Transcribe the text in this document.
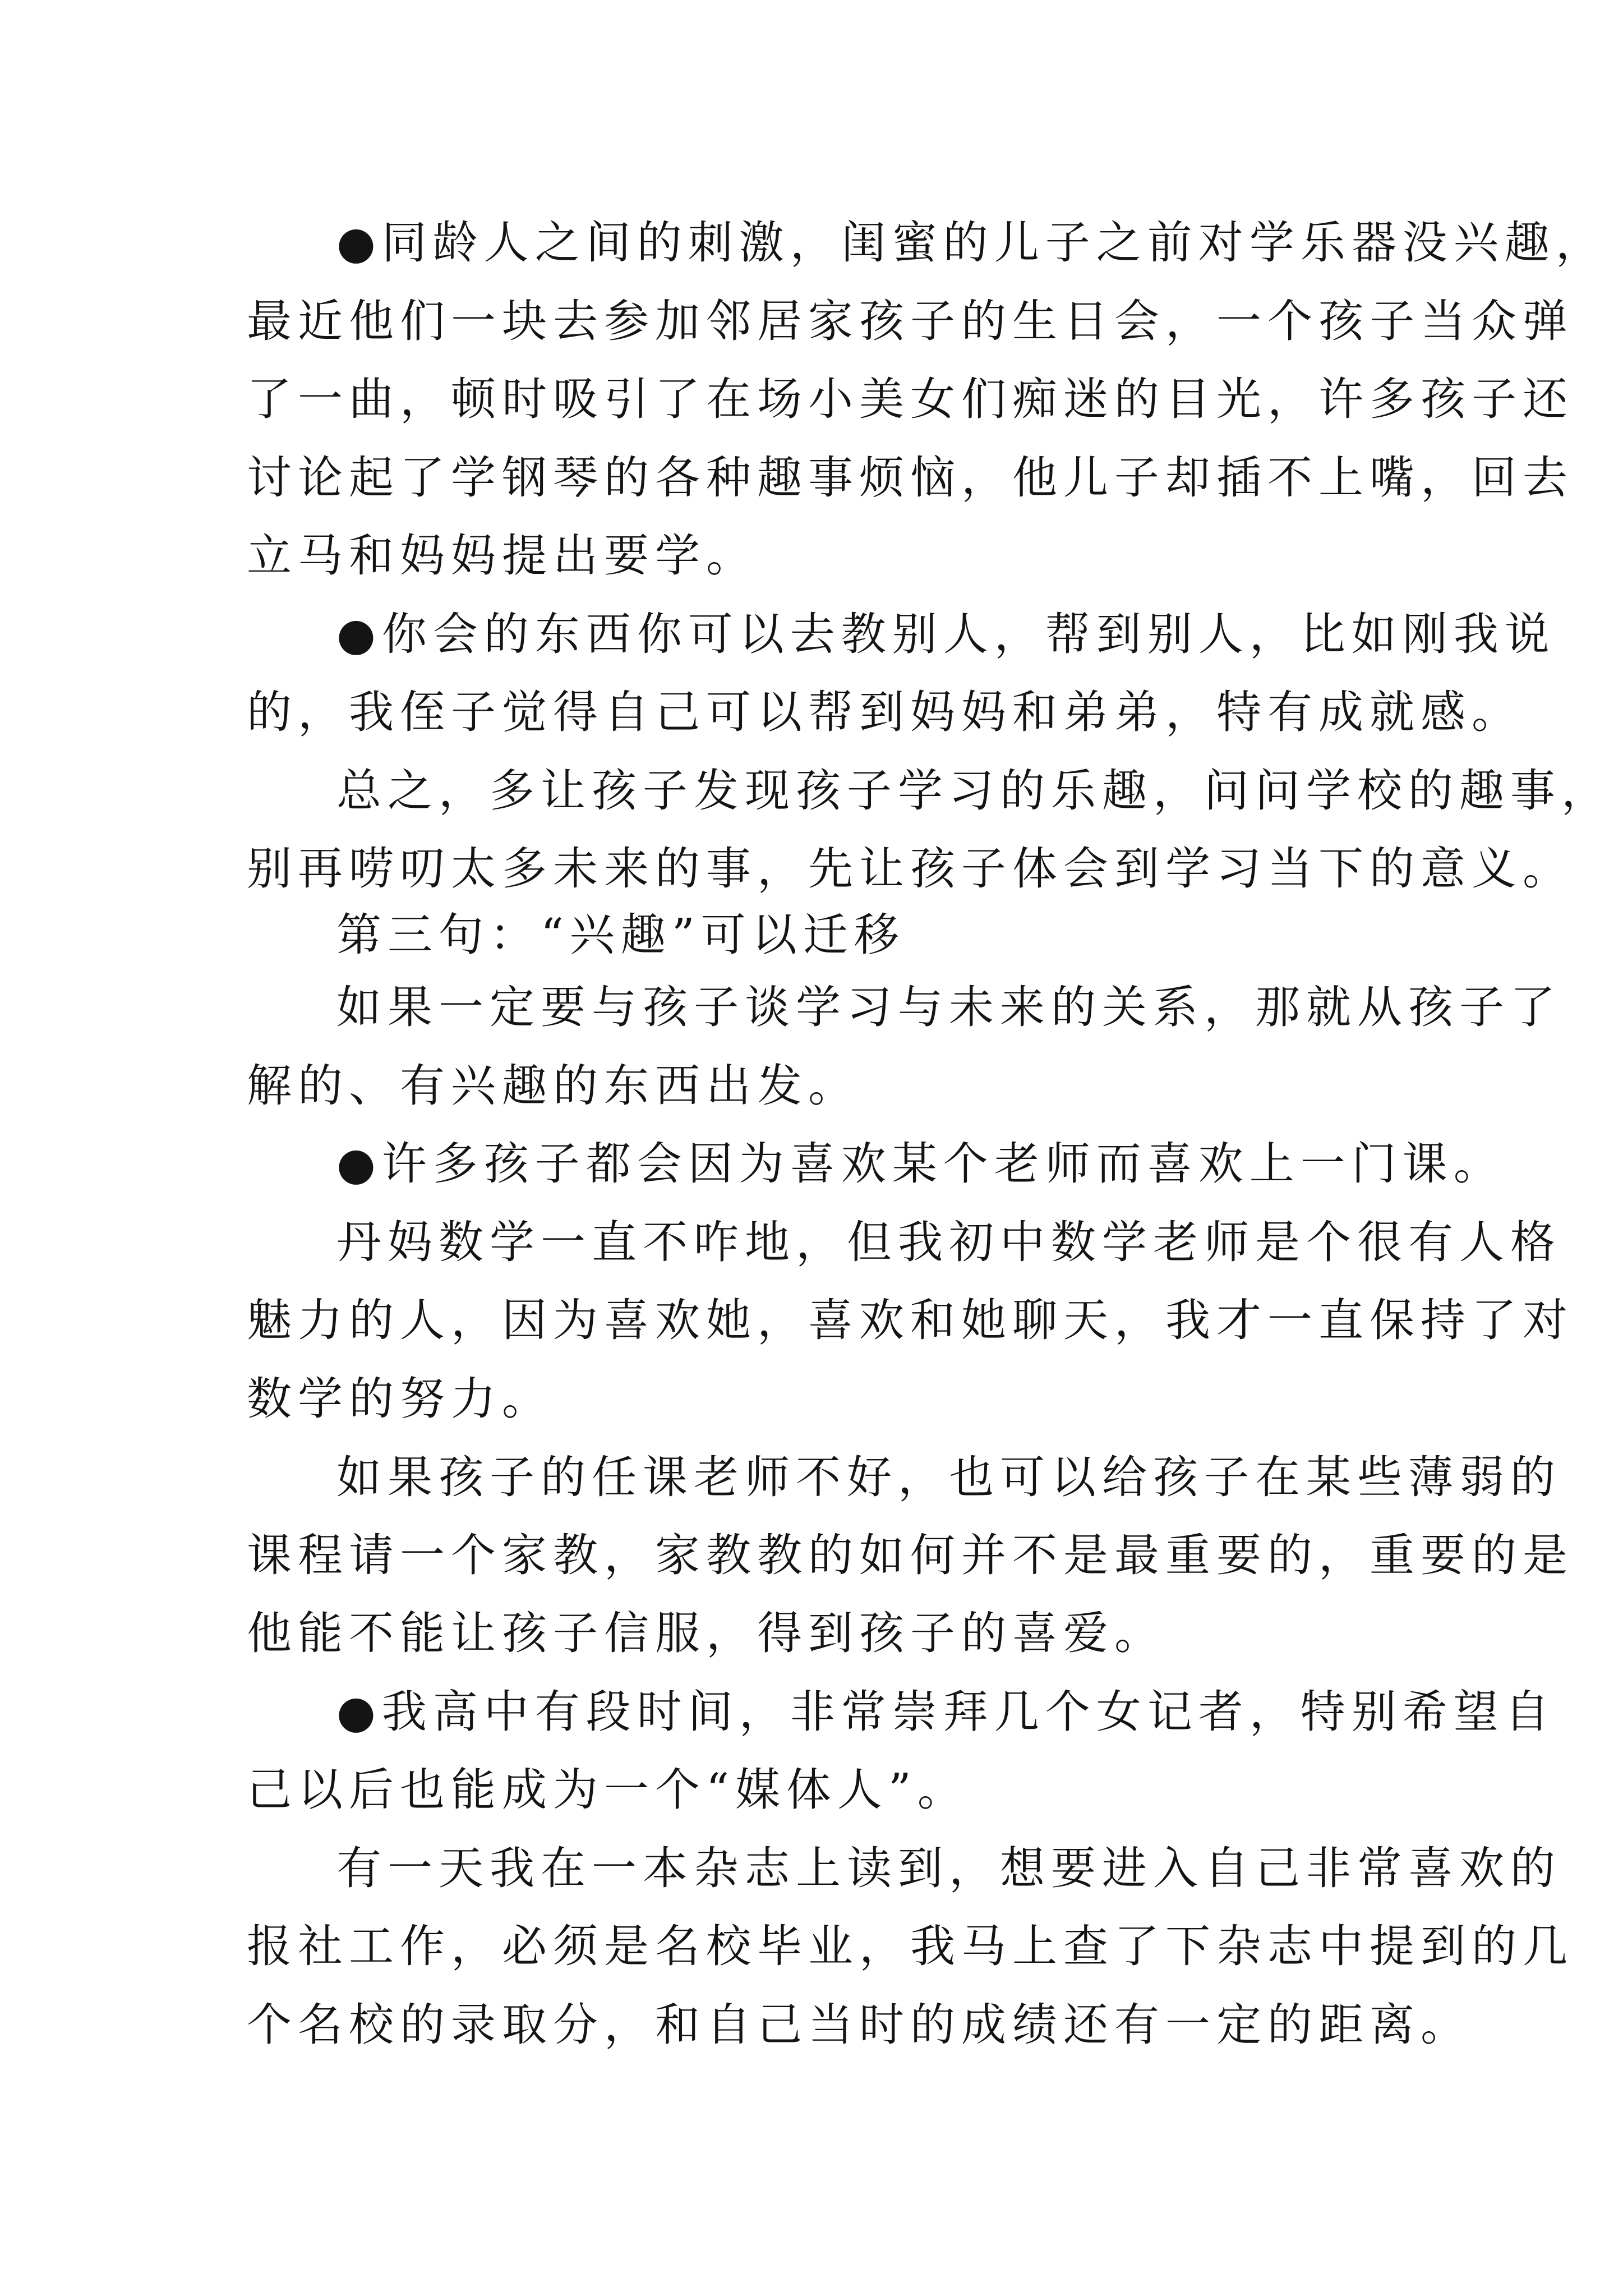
●同龄人之间的刺激，闺蜜的儿子之前对学乐器没兴趣，

最近他们一块去参加邻居家孩子的生日会，一个孩子当众弹

了一曲，顿时吸引了在场小美女们痴迷的目光，许多孩子还

讨论起了学钢琴的各种趣事烦恼，他儿子却插不上嘴，回去

立马和妈妈提出要学。

●你会的东西你可以去教别人，帮到别人，比如刚我说

的，我侄子觉得自己可以帮到妈妈和弟弟，特有成就感。

总之，多让孩子发现孩子学习的乐趣，问问学校的趣事，

别再唠叨太多未来的事，先让孩子体会到学习当下的意义。

第三句：“兴趣”可以迁移

如果一定要与孩子谈学习与未来的关系，那就从孩子了

解的、有兴趣的东西出发。

●许多孩子都会因为喜欢某个老师而喜欢上一门课。

丹妈数学一直不咋地，但我初中数学老师是个很有人格

魅力的人，因为喜欢她，喜欢和她聊天，我才一直保持了对

数学的努力。

如果孩子的任课老师不好，也可以给孩子在某些薄弱的

课程请一个家教，家教教的如何并不是最重要的，重要的是

他能不能让孩子信服，得到孩子的喜爱。

●我高中有段时间，非常崇拜几个女记者，特别希望自

己以后也能成为一个“媒体人”。

有一天我在一本杂志上读到，想要进入自己非常喜欢的

报社工作，必须是名校毕业，我马上查了下杂志中提到的几

个名校的录取分，和自己当时的成绩还有一定的距离。
